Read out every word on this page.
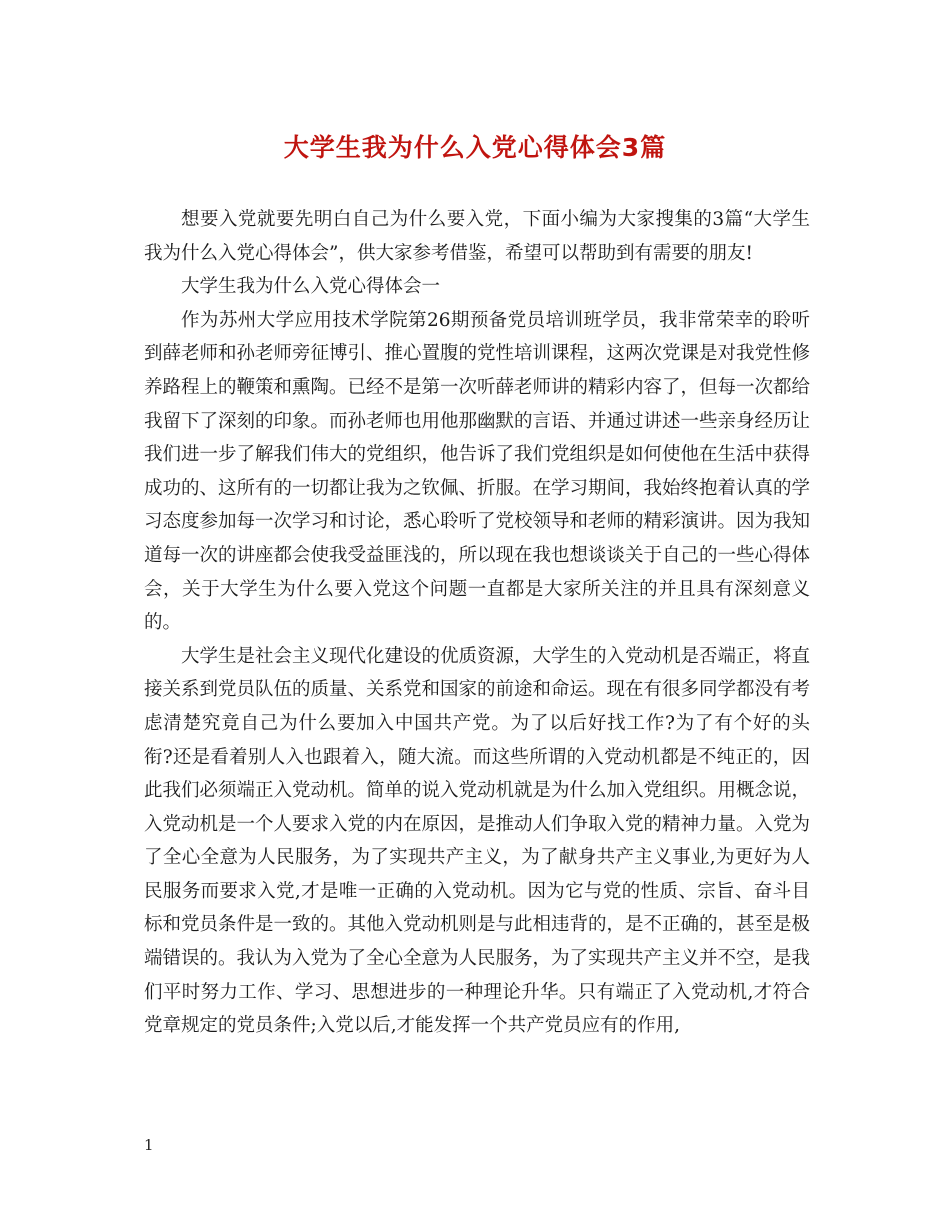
大学生我为什么入党心得体会3篇

想要入党就要先明白自己为什么要入党，下面小编为大家搜集的3篇“大学生我为什么入党心得体会”，供大家参考借鉴，希望可以帮助到有需要的朋友!

大学生我为什么入党心得体会一

作为苏州大学应用技术学院第26期预备党员培训班学员，我非常荣幸的聆听到薛老师和孙老师旁征博引、推心置腹的党性培训课程，这两次党课是对我党性修养路程上的鞭策和熏陶。已经不是第一次听薛老师讲的精彩内容了，但每一次都给我留下了深刻的印象。而孙老师也用他那幽默的言语、并通过讲述一些亲身经历让我们进一步了解我们伟大的党组织，他告诉了我们党组织是如何使他在生活中获得成功的、这所有的一切都让我为之钦佩、折服。在学习期间，我始终抱着认真的学习态度参加每一次学习和讨论，悉心聆听了党校领导和老师的精彩演讲。因为我知道每一次的讲座都会使我受益匪浅的，所以现在我也想谈谈关于自己的一些心得体会，关于大学生为什么要入党这个问题一直都是大家所关注的并且具有深刻意义的。

大学生是社会主义现代化建设的优质资源，大学生的入党动机是否端正，将直接关系到党员队伍的质量、关系党和国家的前途和命运。现在有很多同学都没有考虑清楚究竟自己为什么要加入中国共产党。为了以后好找工作?为了有个好的头衔?还是看着别人入也跟着入，随大流。而这些所谓的入党动机都是不纯正的，因此我们必须端正入党动机。简单的说入党动机就是为什么加入党组织。用概念说，入党动机是一个人要求入党的内在原因，是推动人们争取入党的精神力量。入党为了全心全意为人民服务，为了实现共产主义，为了献身共产主义事业,为更好为人民服务而要求入党,才是唯一正确的入党动机。因为它与党的性质、宗旨、奋斗目标和党员条件是一致的。其他入党动机则是与此相违背的，是不正确的，甚至是极端错误的。我认为入党为了全心全意为人民服务，为了实现共产主义并不空，是我们平时努力工作、学习、思想进步的一种理论升华。只有端正了入党动机,才符合党章规定的党员条件;入党以后,才能发挥一个共产党员应有的作用,

1
